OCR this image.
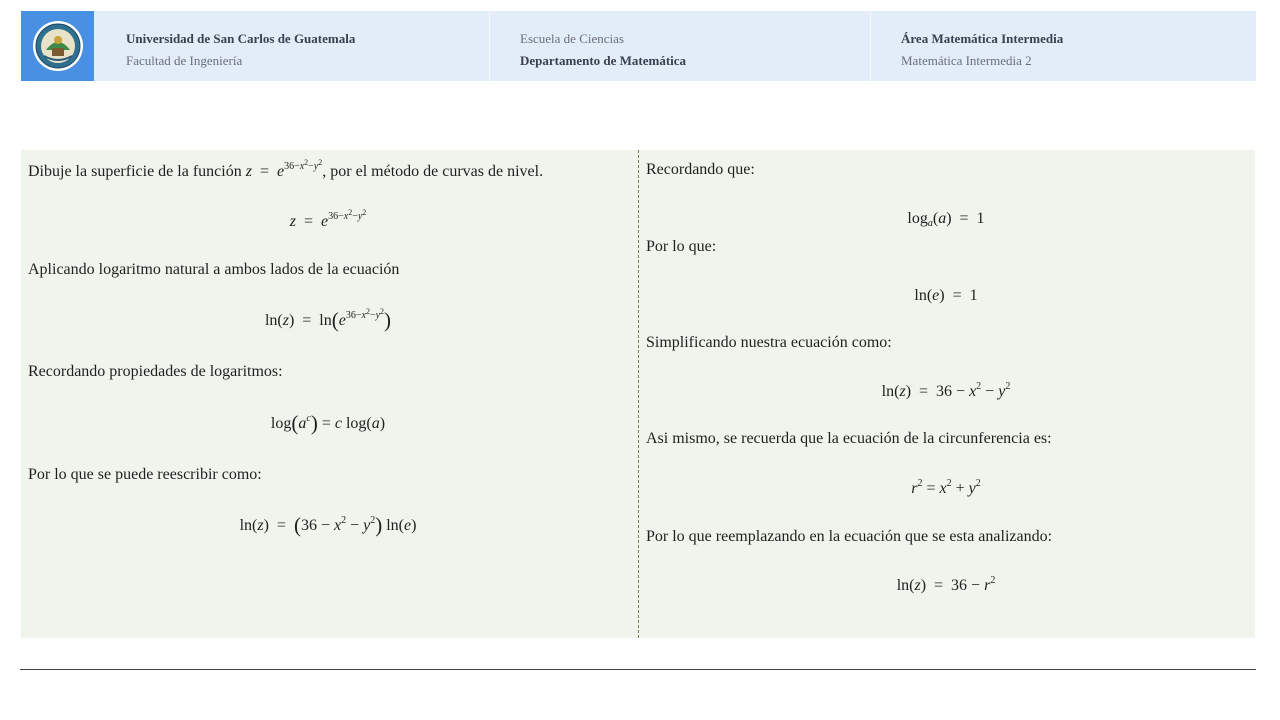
Universidad de San Carlos de Guatemala
Facultad de Ingeniería
Escuela de Ciencias
Departamento de Matemática
Área Matemática Intermedia
Matemática Intermedia 2
Dibuje la superficie de la función $z = e^{36-x^2-y^2}$, por el método de curvas de nivel.
$z = e^{36-x^2-y^2}$
Aplicando logaritmo natural a ambos lados de la ecuación
$\ln(z) = \ln(e^{36-x^2-y^2})$
Recordando propiedades de logaritmos:
$\log(a^c) = c$ log(a)
Por lo que se puede reescribir como:
$\ln(z) = (36 - x^2 - y^2)$ ln(e)
Recordando que:
$\log_a(a) = 1$
Por lo que:
ln(e)  =  1
Simplificando nuestra ecuación como:
$\ln(z) = 36 - x^2 - y^2$
Asi mismo, se recuerda que la ecuación de la circunferencia es:
$r^2 = x^2 + y^2$
Por lo que reemplazando en la ecuación que se esta analizando:
$\ln(z) = 36 - r^2$
